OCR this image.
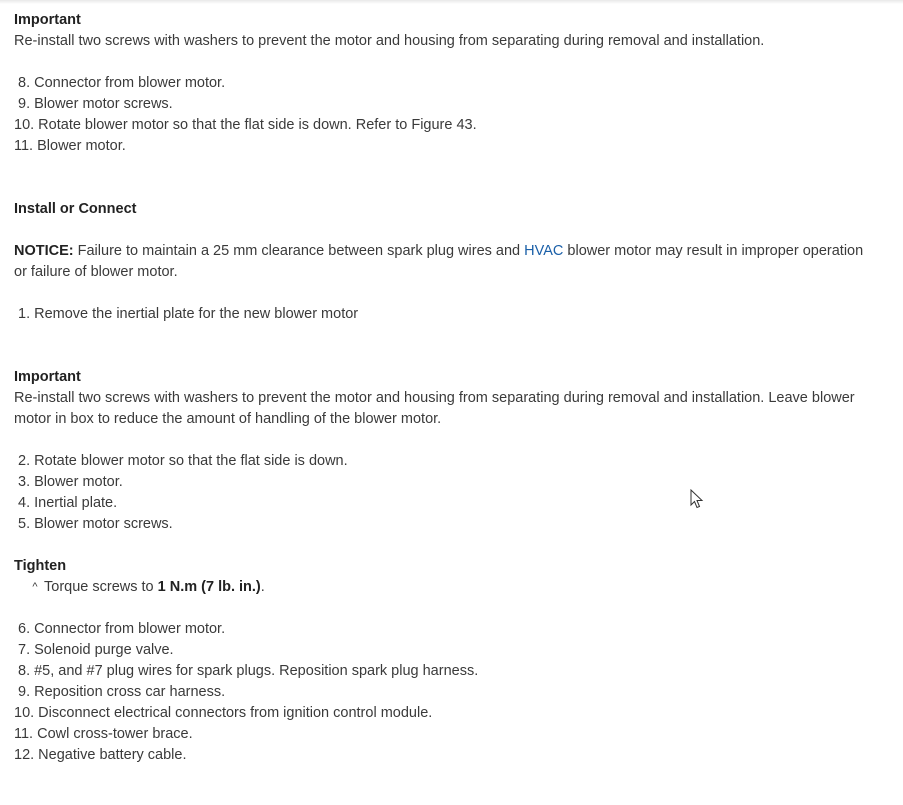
Important
Re-install two screws with washers to prevent the motor and housing from separating during removal and installation.
8. Connector from blower motor.
9. Blower motor screws.
10. Rotate blower motor so that the flat side is down. Refer to Figure 43.
11. Blower motor.
Install or Connect
NOTICE: Failure to maintain a 25 mm clearance between spark plug wires and HVAC blower motor may result in improper operation or failure of blower motor.
1. Remove the inertial plate for the new blower motor
Important
Re-install two screws with washers to prevent the motor and housing from separating during removal and installation. Leave blower motor in box to reduce the amount of handling of the blower motor.
2. Rotate blower motor so that the flat side is down.
3. Blower motor.
4. Inertial plate.
5. Blower motor screws.
Tighten
^ Torque screws to 1 N.m (7 lb. in.).
6. Connector from blower motor.
7. Solenoid purge valve.
8. #5, and #7 plug wires for spark plugs. Reposition spark plug harness.
9. Reposition cross car harness.
10. Disconnect electrical connectors from ignition control module.
11. Cowl cross-tower brace.
12. Negative battery cable.
